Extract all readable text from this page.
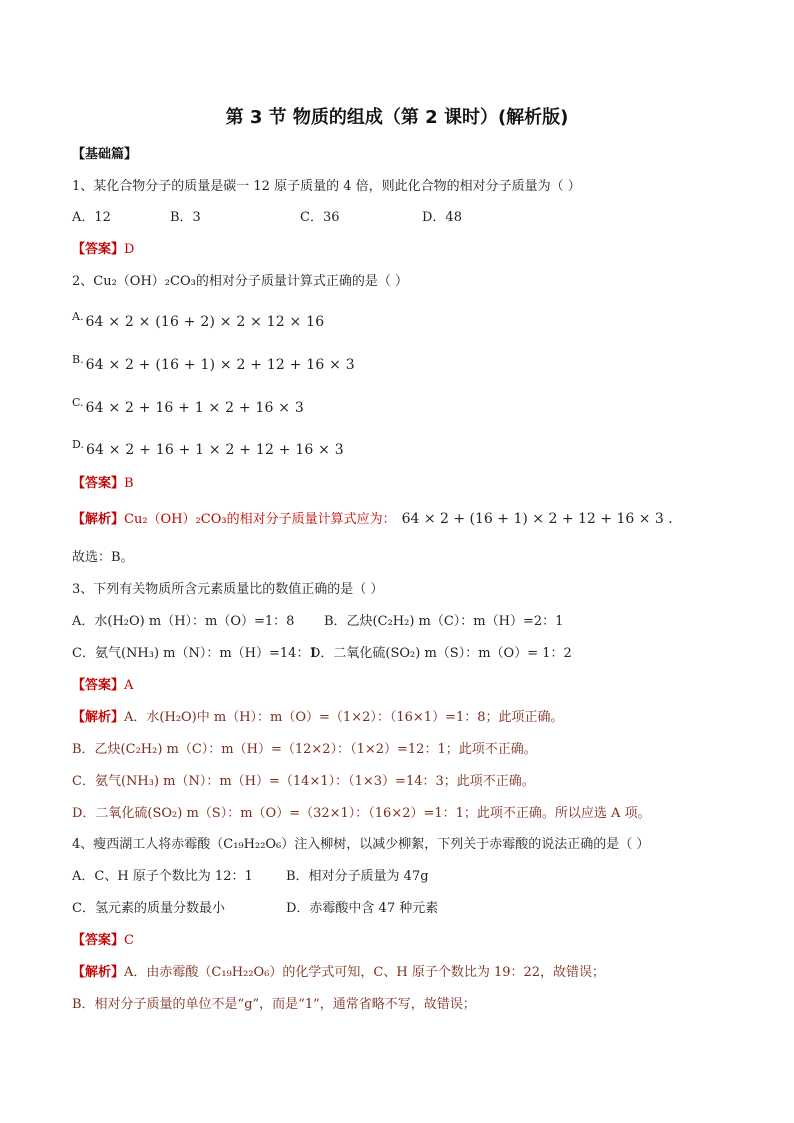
第 3 节 物质的组成（第 2 课时）(解析版)
【基础篇】
1、某化合物分子的质量是碳一 12 原子质量的 4 倍，则此化合物的相对分子质量为（ ）
A．12	B．3	C．36	D．48
【答案】D
2、Cu₂（OH）₂CO₃的相对分子质量计算式正确的是（ ）
$^{A.}$ 64 × 2 × (16 + 2) × 2 × 12 × 16
$^{B.}$ 64 × 2 + (16 + 1) × 2 + 12 + 16 × 3
$^{C.}$ 64 × 2 + 16 + 1 × 2 + 16 × 3
$^{D.}$ 64 × 2 + 16 + 1 × 2 + 12 + 16 × 3
【答案】B
【解析】Cu₂（OH）₂CO₃的相对分子质量计算式应为： 64 × 2 + (16 + 1) × 2 + 12 + 16 × 3 .
故选：B。
3、下列有关物质所含元素质量比的数值正确的是（ ）
A．水(H₂O) m（H）：m（O）=1：8 B．乙炔(C₂H₂) m（C）：m（H）=2：1
C．氨气(NH₃) m（N）：m（H）=14：1D．二氧化硫(SO₂) m（S）：m（O）= 1：2
【答案】A
【解析】A．水(H₂O)中 m（H）：m（O）=（1×2）：（16×1）=1：8；此项正确。
B．乙炔(C₂H₂) m（C）：m（H）=（12×2）：（1×2）=12：1；此项不正确。
C．氨气(NH₃) m（N）：m（H）=（14×1）：（1×3）=14：3；此项不正确。
D．二氧化硫(SO₂) m（S）：m（O）=（32×1）：（16×2）=1：1；此项不正确。所以应选 A 项。
4、瘦西湖工人将赤霉酸（C₁₉H₂₂O₆）注入柳树，以减少柳絮，下列关于赤霉酸的说法正确的是（ ）
A．C、H 原子个数比为 12：1	B．相对分子质量为 47g
C．氢元素的质量分数最小	D．赤霉酸中含 47 种元素
【答案】C
【解析】A．由赤霉酸（C₁₉H₂₂O₆）的化学式可知，C、H 原子个数比为 19：22，故错误；
B．相对分子质量的单位不是“g”，而是“1”，通常省略不写，故错误；
